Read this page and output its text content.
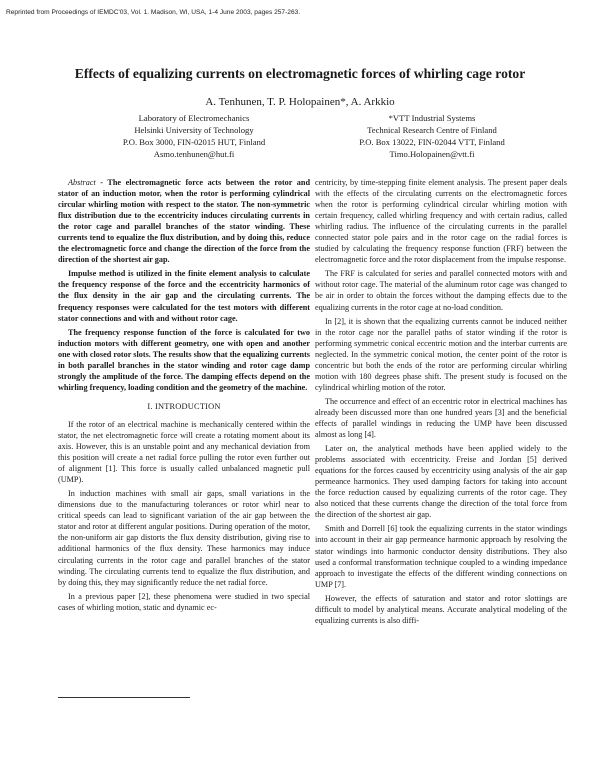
Reprinted from Proceedings of IEMDC'03, Vol. 1. Madison, WI, USA, 1-4 June 2003, pages 257-263.
Effects of equalizing currents on electromagnetic forces of whirling cage rotor
A. Tenhunen, T. P. Holopainen*, A. Arkkio
Laboratory of Electromechanics
Helsinki University of Technology
P.O. Box 3000, FIN-02015 HUT, Finland
Asmo.tenhunen@hut.fi
*VTT Industrial Systems
Technical Research Centre of Finland
P.O. Box 13022, FIN-02044 VTT, Finland
Timo.Holopainen@vtt.fi

Abstract - The electromagnetic force acts between the rotor and stator of an induction motor, when the rotor is performing cylindrical circular whirling motion with respect to the stator. The non-symmetric flux distribution due to the eccentricity induces circulating currents in the rotor cage and parallel branches of the stator winding. These currents tend to equalize the flux distribution, and by doing this, reduce the electromagnetic force and change the direction of the force from the direction of the shortest air gap.

Impulse method is utilized in the finite element analysis to calculate the frequency response of the force and the eccentricity harmonics of the flux density in the air gap and the circulating currents. The frequency responses were calculated for the test motors with different stator connections and with and without rotor cage.

The frequency response function of the force is calculated for two induction motors with different geometry, one with open and another one with closed rotor slots. The results show that the equalizing currents in both parallel branches in the stator winding and rotor cage damp strongly the amplitude of the force. The damping effects depend on the whirling frequency, loading condition and the geometry of the machine.

I. INTRODUCTION

If the rotor of an electrical machine is mechanically centered within the stator, the net electromagnetic force will create a rotating moment about its axis. However, this is an unstable point and any mechanical deviation from this position will create a net radial force pulling the rotor even further out of alignment [1]. This force is usually called unbalanced magnetic pull (UMP).

In induction machines with small air gaps, small variations in the dimensions due to the manufacturing tolerances or rotor whirl near to critical speeds can lead to significant variation of the air gap between the stator and rotor at different angular positions. During operation of the motor, the non-uniform air gap distorts the flux density distribution, giving rise to additional harmonics of the flux density. These harmonics may induce circulating currents in the rotor cage and parallel branches of the stator winding. The circulating currents tend to equalize the flux distribution, and by doing this, they may significantly reduce the net radial force.

In a previous paper [2], these phenomena were studied in two special cases of whirling motion, static and dynamic ec-

centricity, by time-stepping finite element analysis. The present paper deals with the effects of the circulating currents on the electromagnetic forces when the rotor is performing cylindrical circular whirling motion with certain frequency, called whirling frequency and with certain radius, called whirling radius. The influence of the circulating currents in the parallel connected stator pole pairs and in the rotor cage on the radial forces is studied by calculating the frequency response function (FRF) between the electromagnetic force and the rotor displacement from the impulse response.

The FRF is calculated for series and parallel connected motors with and without rotor cage. The material of the aluminum rotor cage was changed to be air in order to obtain the forces without the damping effects due to the equalizing currents in the rotor cage at no-load condition.

In [2], it is shown that the equalizing currents cannot be induced neither in the rotor cage nor the parallel paths of stator winding if the rotor is performing symmetric conical eccentric motion and the interbar currents are neglected. In the symmetric conical motion, the center point of the rotor is concentric but both the ends of the rotor are performing circular whirling motion with 180 degrees phase shift. The present study is focused on the cylindrical whirling motion of the rotor.

The occurrence and effect of an eccentric rotor in electrical machines has already been discussed more than one hundred years [3] and the beneficial effects of parallel windings in reducing the UMP have been discussed almost as long [4].

Later on, the analytical methods have been applied widely to the problems associated with eccentricity. Freise and Jordan [5] derived equations for the forces caused by eccentricity using analysis of the air gap permeance harmonics. They used damping factors for taking into account the force reduction caused by equalizing currents of the rotor cage. They also noticed that these currents change the direction of the total force from the direction of the shortest air gap.

Smith and Dorrell [6] took the equalizing currents in the stator windings into account in their air gap permeance harmonic approach by resolving the stator windings into harmonic conductor density distributions. They also used a conformal transformation technique coupled to a winding impedance approach to investigate the effects of the different winding connections on UMP [7].

However, the effects of saturation and stator and rotor slottings are difficult to model by analytical means. Accurate analytical modeling of the equalizing currents is also diffi-
